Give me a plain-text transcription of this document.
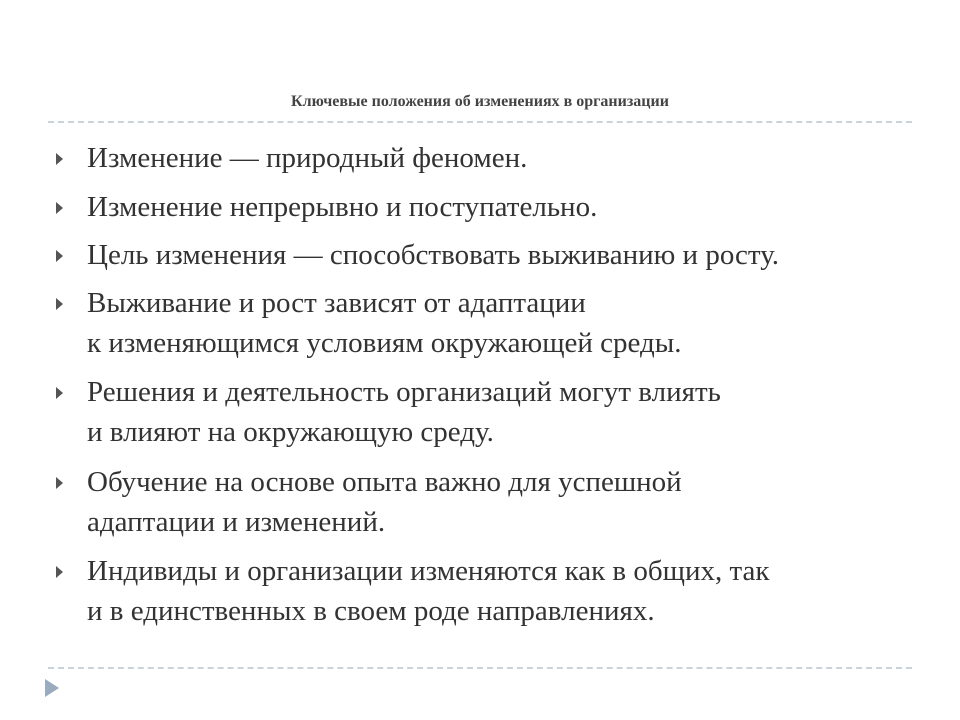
Ключевые положения об изменениях в организации
Изменение — природный феномен.
Изменение непрерывно и поступательно.
Цель изменения — способствовать выживанию и росту.
Выживание и рост зависят от адаптации
к изменяющимся условиям окружающей среды.
Решения и деятельность организаций могут влиять
и влияют на окружающую среду.
Обучение на основе опыта важно для успешной
адаптации и изменений.
Индивиды и организации изменяются как в общих, так
и в единственных в своем роде направлениях.
